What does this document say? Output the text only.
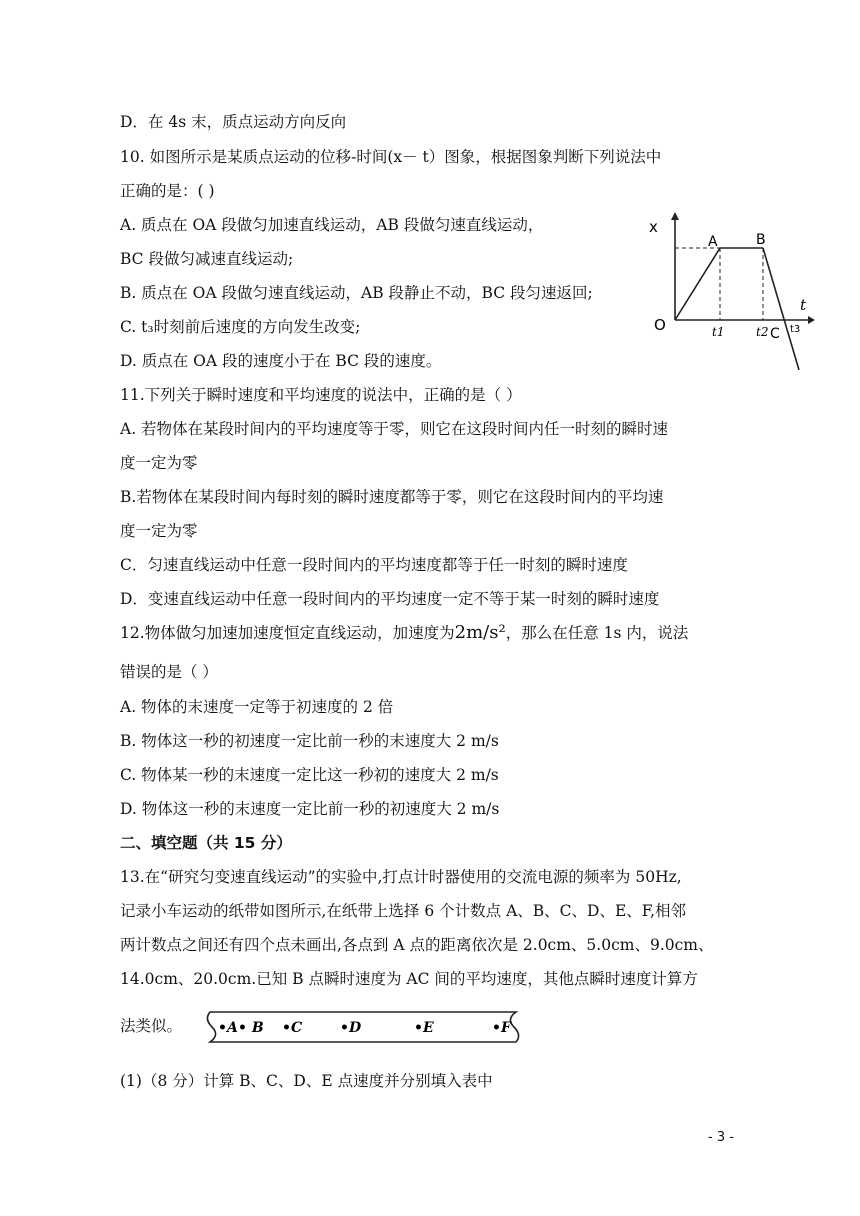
D．在 4s 末，质点运动方向反向
10. 如图所示是某质点运动的位移-时间(x－ t）图象，根据图象判断下列说法中
正确的是：( )
A. 质点在 OA 段做匀加速直线运动，AB 段做匀速直线运动，
BC 段做匀减速直线运动;
B. 质点在 OA 段做匀速直线运动，AB 段静止不动，BC 段匀速返回;
C. t₃时刻前后速度的方向发生改变;
D. 质点在 OA 段的速度小于在 BC 段的速度。
11.下列关于瞬时速度和平均速度的说法中，正确的是（ ）
A. 若物体在某段时间内的平均速度等于零，则它在这段时间内任一时刻的瞬时速
度一定为零
B.若物体在某段时间内每时刻的瞬时速度都等于零，则它在这段时间内的平均速
度一定为零
C．匀速直线运动中任意一段时间内的平均速度都等于任一时刻的瞬时速度
D．变速直线运动中任意一段时间内的平均速度一定不等于某一时刻的瞬时速度
12.物体做匀加速加速度恒定直线运动，加速度为2m/s²，那么在任意 1s 内，说法
错误的是（ ）
A. 物体的末速度一定等于初速度的 2 倍
B. 物体这一秒的初速度一定比前一秒的末速度大 2 m/s
C. 物体某一秒的末速度一定比这一秒初的速度大 2 m/s
D. 物体这一秒的末速度一定比前一秒的初速度大 2 m/s
二、填空题（共 15 分）
13.在“研究匀变速直线运动”的实验中,打点计时器使用的交流电源的频率为 50Hz,
记录小车运动的纸带如图所示,在纸带上选择 6 个计数点 A、B、C、D、E、F,相邻
两计数点之间还有四个点未画出,各点到 A 点的距离依次是 2.0cm、5.0cm、9.0cm、
14.0cm、20.0cm.已知 B 点瞬时速度为 AC 间的平均速度，其他点瞬时速度计算方
法类似。
(1)（8 分）计算 B、C、D、E 点速度并分别填入表中
x
t
O
A	B
C
t1	t2 t3
•A • B •C	•D	•E	•F
- 3 -
